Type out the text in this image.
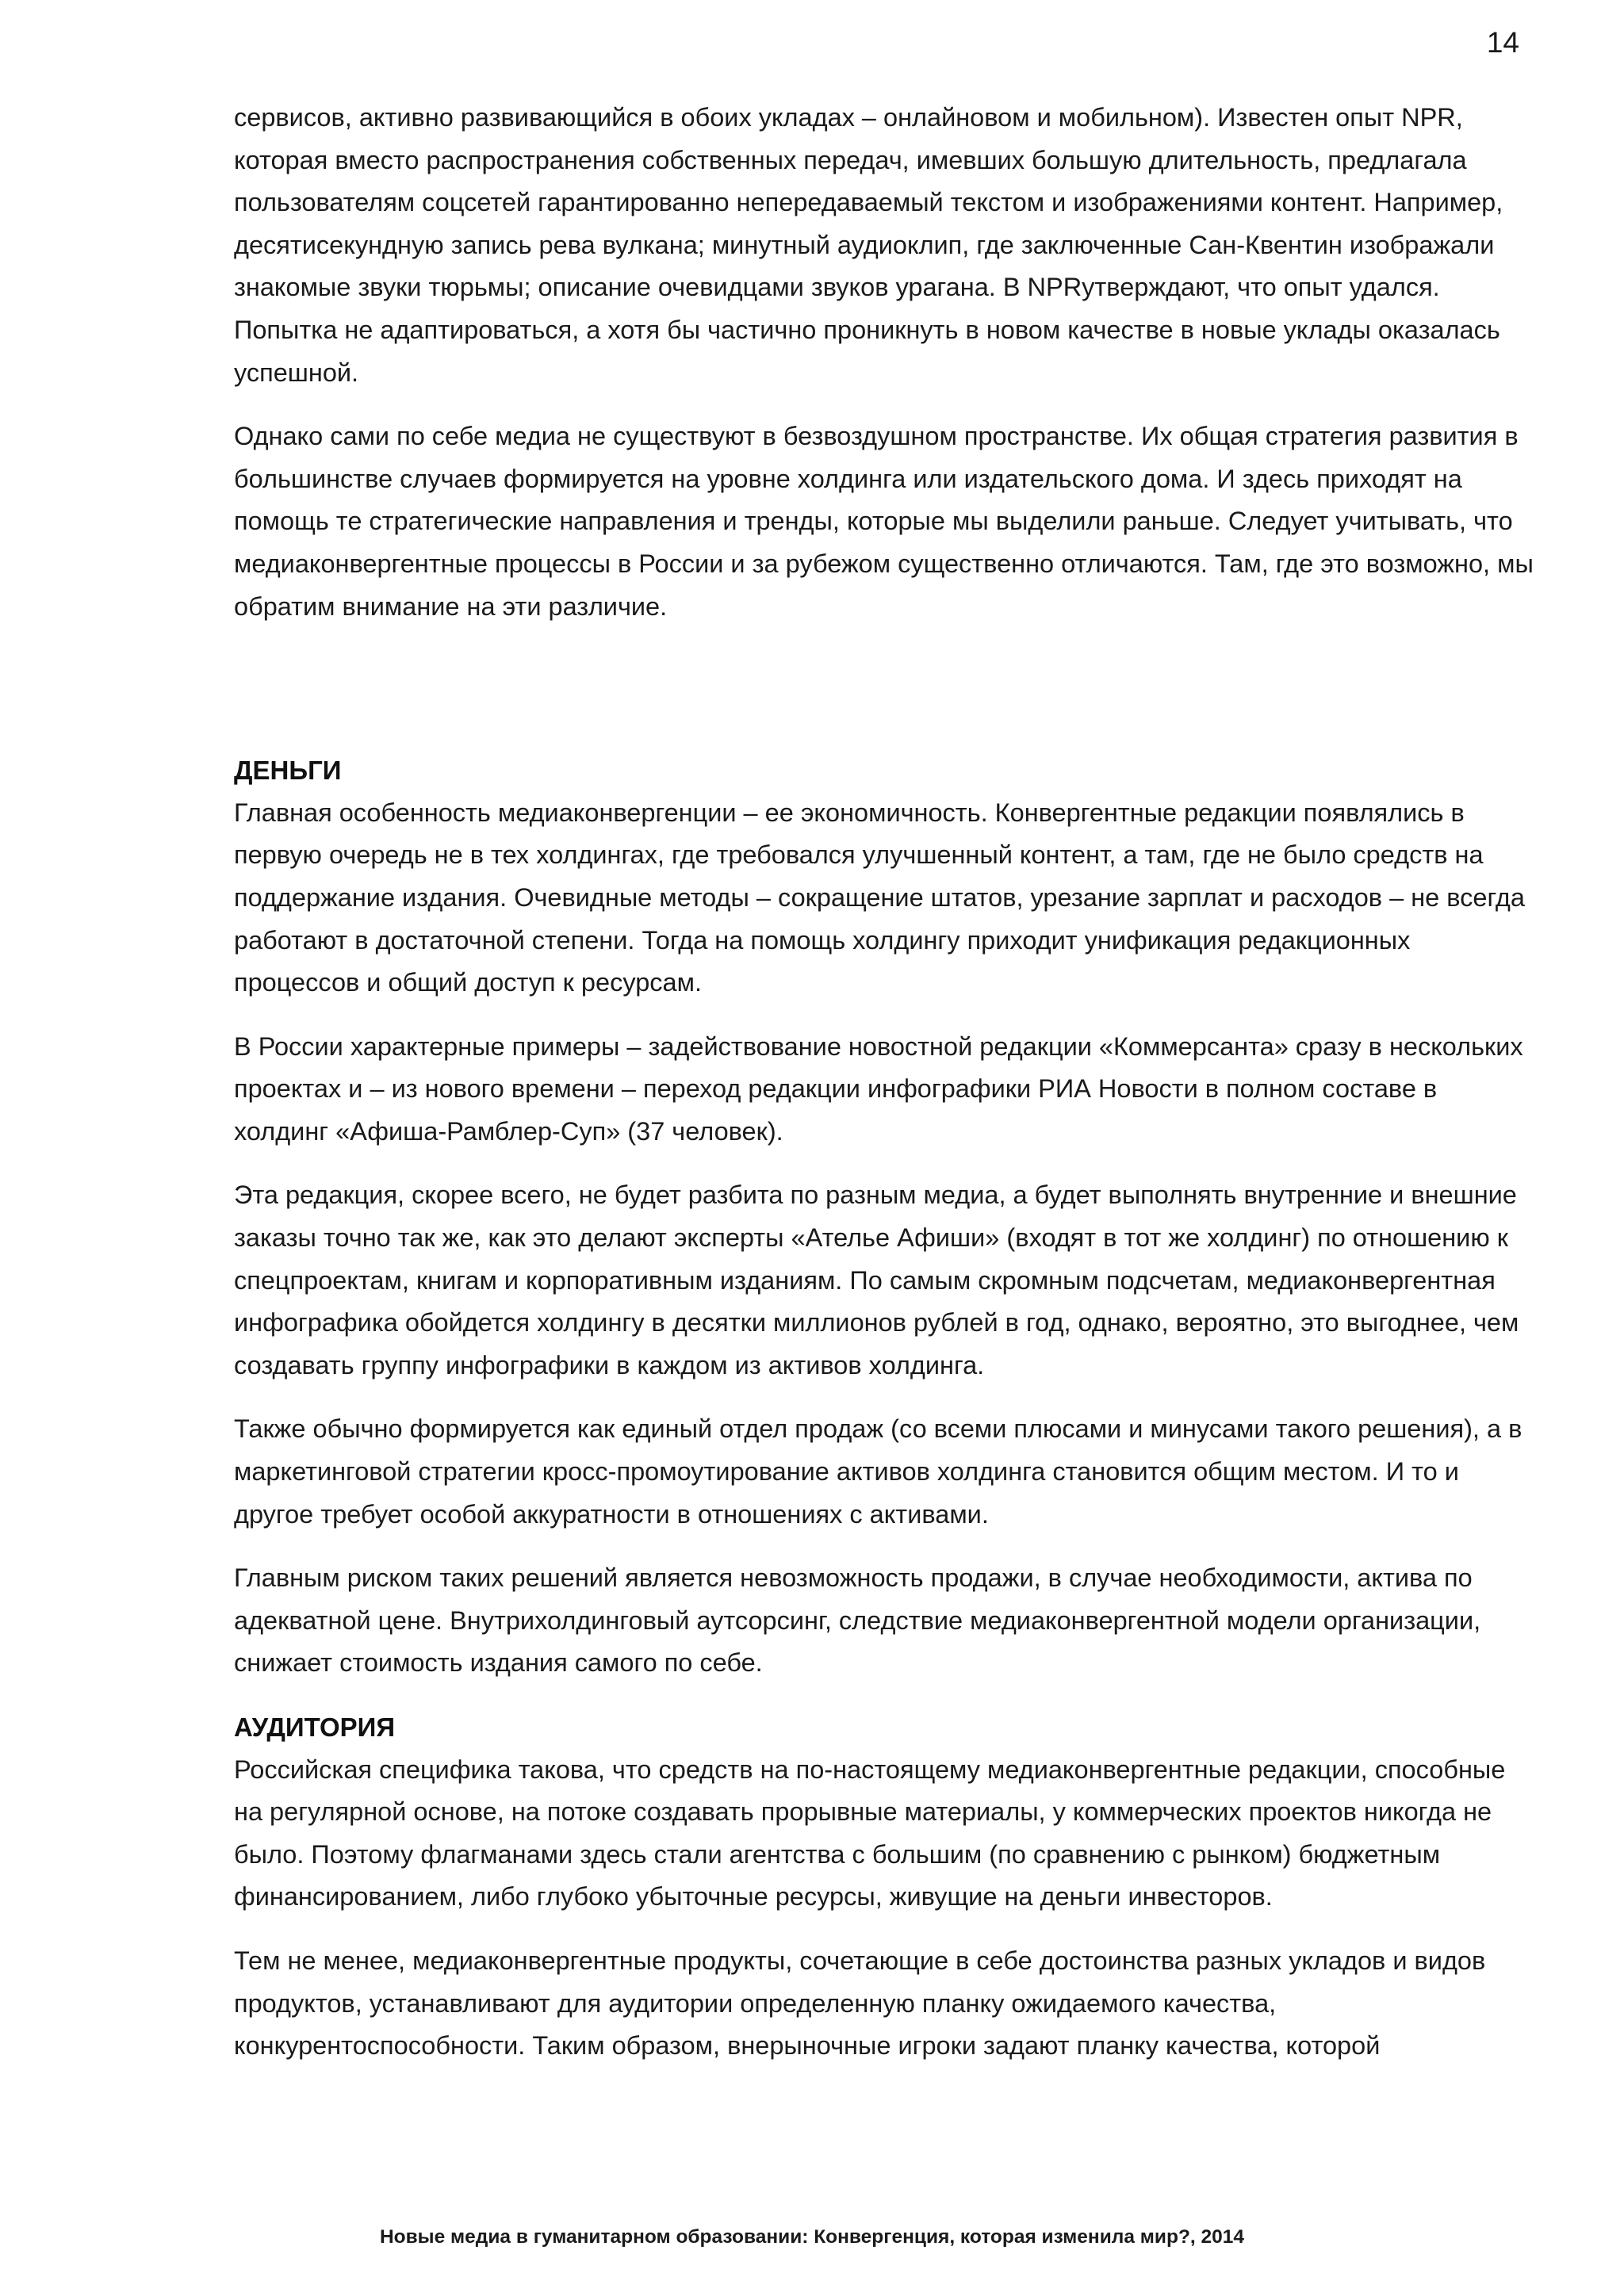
14

сервисов, активно развивающийся в обоих укладах – онлайновом и мобильном). Известен опыт NPR, которая вместо распространения собственных передач, имевших большую длительность, предлагала пользователям соцсетей гарантированно непередаваемый текстом и изображениями контент. Например, десятисекундную запись рева вулкана; минутный аудиоклип, где заключенные Сан-Квентин изображали знакомые звуки тюрьмы; описание очевидцами звуков урагана. В NPRутверждают, что опыт удался. Попытка не адаптироваться, а хотя бы частично проникнуть в новом качестве в новые уклады оказалась успешной.

Однако сами по себе медиа не существуют в безвоздушном пространстве. Их общая стратегия развития в большинстве случаев формируется на уровне холдинга или издательского дома. И здесь приходят на помощь те стратегические направления и тренды, которые мы выделили раньше. Следует учитывать, что медиаконвергентные процессы в России и за рубежом существенно отличаются. Там, где это возможно, мы обратим внимание на эти различие.

ДЕНЬГИ

Главная особенность медиаконвергенции – ее экономичность. Конвергентные редакции появлялись в первую очередь не в тех холдингах, где требовался улучшенный контент, а там, где не было средств на поддержание издания. Очевидные методы – сокращение штатов, урезание зарплат и расходов – не всегда работают в достаточной степени. Тогда на помощь холдингу приходит унификация редакционных процессов и общий доступ к ресурсам.

В России характерные примеры – задействование новостной редакции «Коммерсанта» сразу в нескольких проектах и – из нового времени – переход редакции инфографики РИА Новости в полном составе в холдинг «Афиша-Рамблер-Суп» (37 человек).

Эта редакция, скорее всего, не будет разбита по разным медиа, а будет выполнять внутренние и внешние заказы точно так же, как это делают эксперты «Ателье Афиши» (входят в тот же холдинг) по отношению к спецпроектам, книгам и корпоративным изданиям. По самым скромным подсчетам, медиаконвергентная инфографика обойдется холдингу в десятки миллионов рублей в год, однако, вероятно, это выгоднее, чем создавать группу инфографики в каждом из активов холдинга.

Также обычно формируется как единый отдел продаж (со всеми плюсами и минусами такого решения), а в маркетинговой стратегии кросс-промоутирование активов холдинга становится общим местом. И то и другое требует особой аккуратности в отношениях с активами.

Главным риском таких решений является невозможность продажи, в случае необходимости, актива по адекватной цене. Внутрихолдинговый аутсорсинг, следствие медиаконвергентной модели организации, снижает стоимость издания самого по себе.

АУДИТОРИЯ

Российская специфика такова, что средств на по-настоящему медиаконвергентные редакции, способные на регулярной основе, на потоке создавать прорывные материалы, у коммерческих проектов никогда не было. Поэтому флагманами здесь стали агентства с большим (по сравнению с рынком) бюджетным финансированием, либо глубоко убыточные ресурсы, живущие на деньги инвесторов.

Тем не менее, медиаконвергентные продукты, сочетающие в себе достоинства разных укладов и видов продуктов, устанавливают для аудитории определенную планку ожидаемого качества, конкурентоспособности. Таким образом, внерыночные игроки задают планку качества, которой

Новые медиа в гуманитарном образовании: Конвергенция, которая изменила мир?, 2014
